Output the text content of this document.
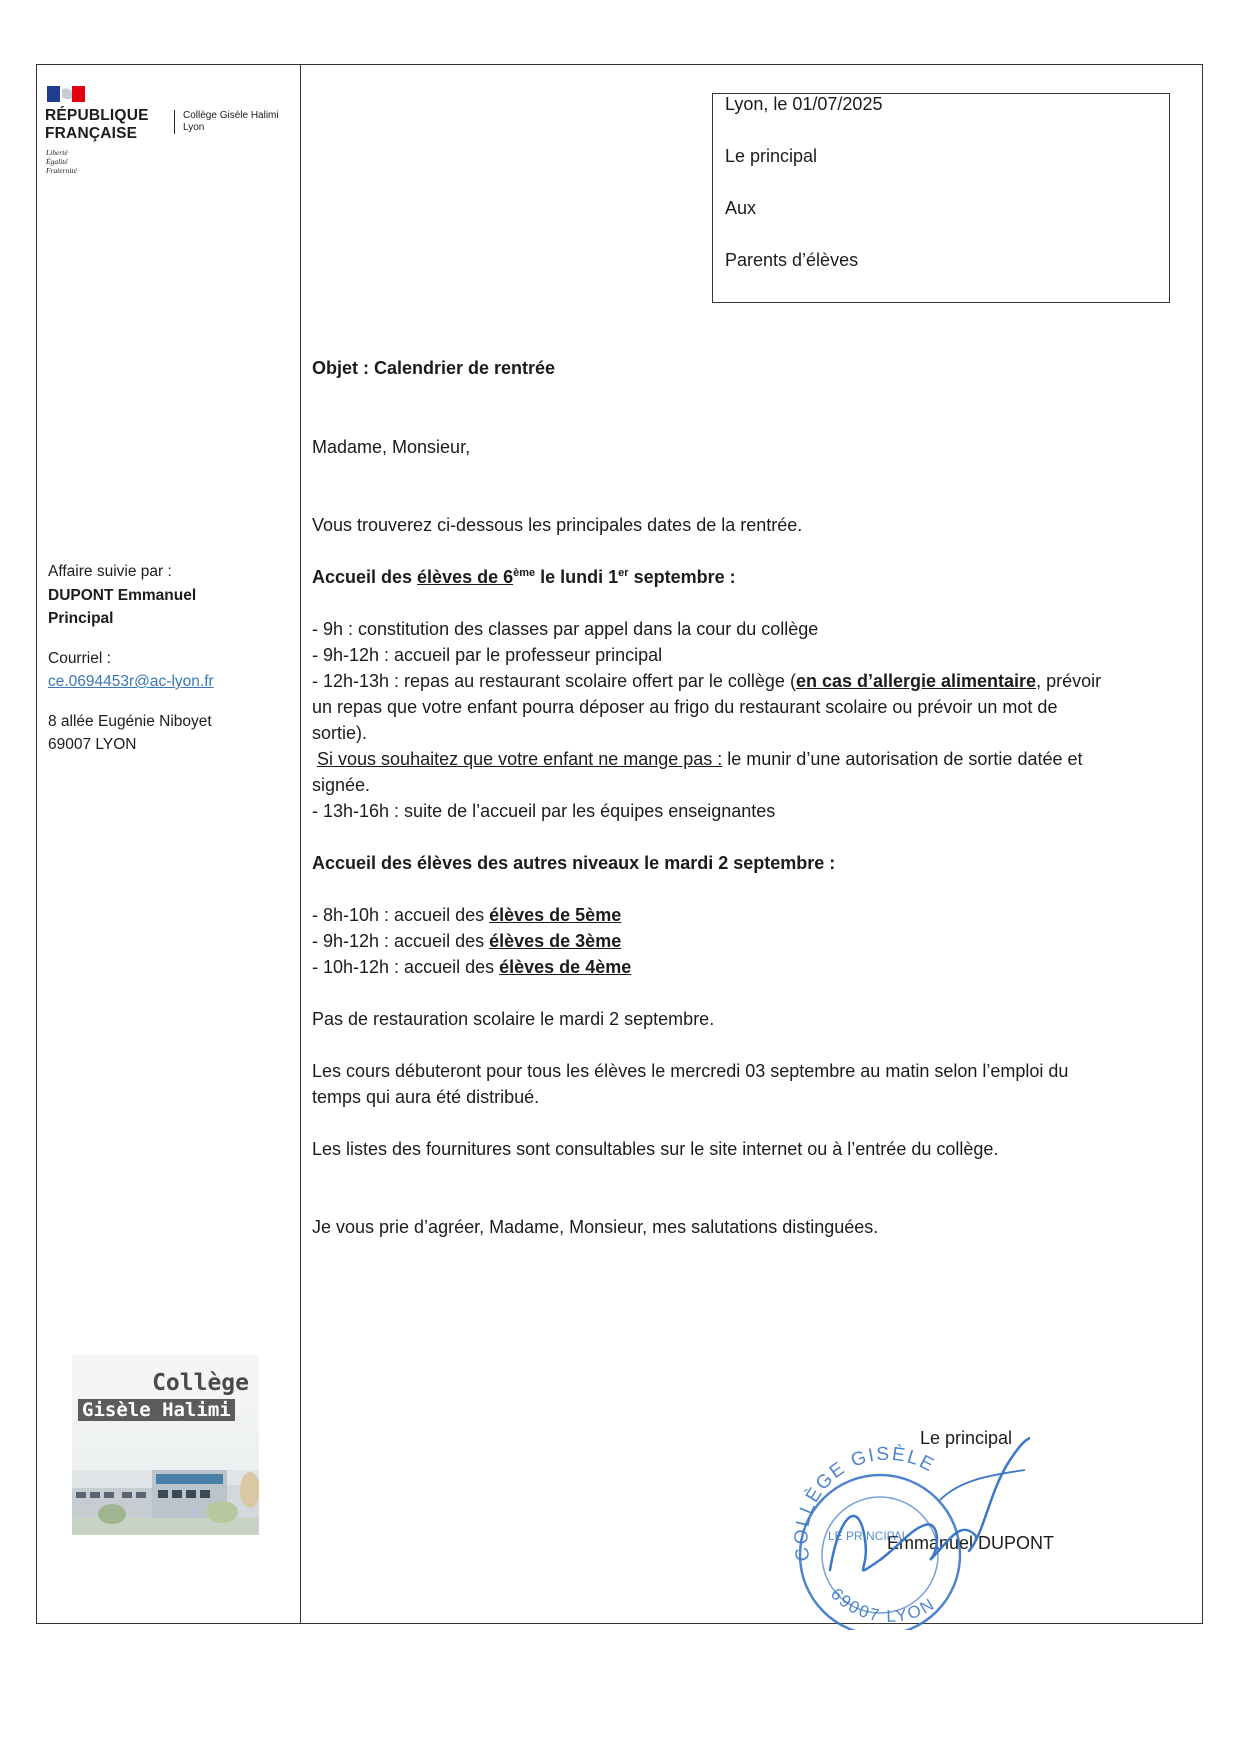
RÉPUBLIQUE
FRANÇAISE
Liberté
Égalité
Fraternité
Collège Gisèle Halimi
Lyon
Affaire suivie par :
DUPONT Emmanuel
Principal
Courriel :
ce.0694453r@ac-lyon.fr
8 allée Eugénie Niboyet
69007 LYON
Collège
Gisèle Halimi
Lyon, le 01/07/2025
Le principal
Aux
Parents d’élèves
Objet : Calendrier de rentrée
Madame, Monsieur,
Vous trouverez ci-dessous les principales dates de la rentrée.
Accueil des élèves de 6ème le lundi 1er septembre :
- 9h : constitution des classes par appel dans la cour du collège
- 9h-12h : accueil par le professeur principal
- 12h-13h : repas au restaurant scolaire offert par le collège (en cas d’allergie alimentaire, prévoir
un repas que votre enfant pourra déposer au frigo du restaurant scolaire ou prévoir un mot de
sortie).
Si vous souhaitez que votre enfant ne mange pas : le munir d’une autorisation de sortie datée et
signée.
- 13h-16h : suite de l’accueil par les équipes enseignantes
Accueil des élèves des autres niveaux le mardi 2 septembre :
- 8h-10h : accueil des élèves de 5ème
- 9h-12h : accueil des élèves de 3ème
- 10h-12h : accueil des élèves de 4ème
Pas de restauration scolaire le mardi 2 septembre.
Les cours débuteront pour tous les élèves le mercredi 03 septembre au matin selon l’emploi du
temps qui aura été distribué.
Les listes des fournitures sont consultables sur le site internet ou à l’entrée du collège.
Je vous prie d’agréer, Madame, Monsieur, mes salutations distinguées.
Le principal
Emmanuel DUPONT
COLLÈGE GISÈLE
69007 LYON
LE PRINCIPAL
